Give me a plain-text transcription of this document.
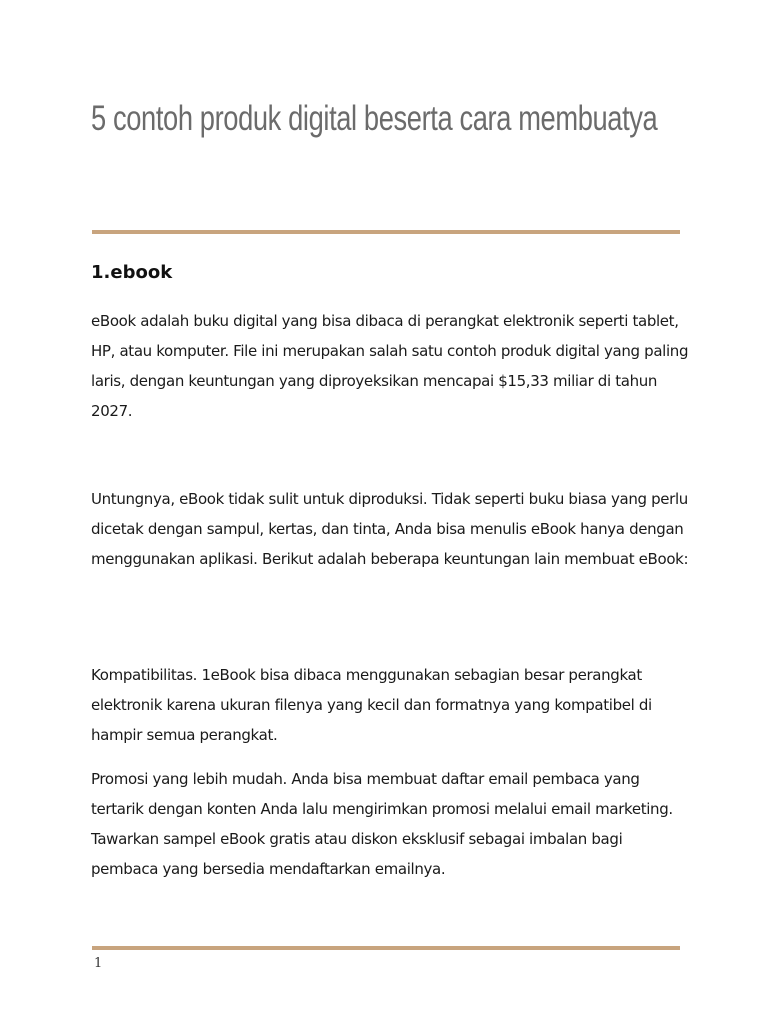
5 contoh produk digital beserta cara membuatya
1.ebook

eBook adalah buku digital yang bisa dibaca di perangkat elektronik seperti tablet, HP, atau komputer. File ini merupakan salah satu contoh produk digital yang paling laris, dengan keuntungan yang diproyeksikan mencapai $15,33 miliar di tahun 2027.

Untungnya, eBook tidak sulit untuk diproduksi. Tidak seperti buku biasa yang perlu dicetak dengan sampul, kertas, dan tinta, Anda bisa menulis eBook hanya dengan menggunakan aplikasi. Berikut adalah beberapa keuntungan lain membuat eBook:

Kompatibilitas. 1eBook bisa dibaca menggunakan sebagian besar perangkat elektronik karena ukuran filenya yang kecil dan formatnya yang kompatibel di hampir semua perangkat.

Promosi yang lebih mudah. Anda bisa membuat daftar email pembaca yang tertarik dengan konten Anda lalu mengirimkan promosi melalui email marketing. Tawarkan sampel eBook gratis atau diskon eksklusif sebagai imbalan bagi pembaca yang bersedia mendaftarkan emailnya.

1
